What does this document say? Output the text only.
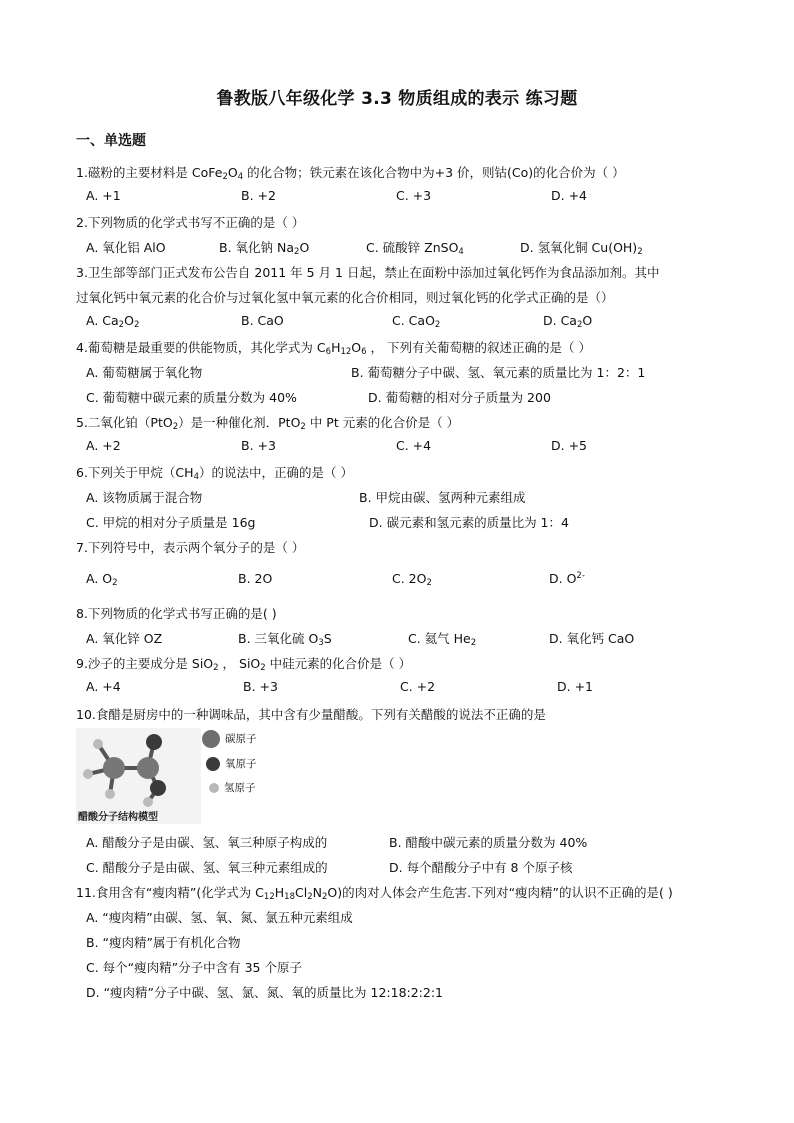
鲁教版八年级化学 3.3 物质组成的表示 练习题
一、单选题
1.磁粉的主要材料是 $CoFe_2O_4$ 的化合物；铁元素在该化合物中为+3 价，则钴(Co)的化合价为（ ）
A. +1	B. +2	C. +3	D. +4
2.下列物质的化学式书写不正确的是（ ）
A. 氧化铝 AlO	B. 氧化钠 $Na_2O$	C. 硫酸锌 ZnSO$_4$	D. 氢氧化铜 $Cu(OH)_2$
3.卫生部等部门正式发布公告自 2011 年 5 月 1 日起，禁止在面粉中添加过氧化钙作为食品添加剂。其中
过氧化钙中氧元素的化合价与过氧化氢中氧元素的化合价相同，则过氧化钙的化学式正确的是（）
A. $Ca_2O_2$	B. CaO	C. CaO$_2$	D. $Ca_2O$
4.葡萄糖是最重要的供能物质，其化学式为 $C_6H_{12}O_6$ ， 下列有关葡萄糖的叙述正确的是（ ）
A. 葡萄糖属于氧化物	B. 葡萄糖分子中碳、氢、氧元素的质量比为 1：2：1
C. 葡萄糖中碳元素的质量分数为 40%	D. 葡萄糖的相对分子质量为 200
5.二氧化铂（PtO$_2$）是一种催化剂．PtO$_2$ 中 Pt 元素的化合价是（ ）
A. +2	B. +3	C. +4	D. +5
6.下列关于甲烷$(CH_4)$的说法中，正确的是（ ）
A. 该物质属于混合物	B. 甲烷由碳、氢两种元素组成
C. 甲烷的相对分子质量是 16g	D. 碳元素和氢元素的质量比为 1：4
7.下列符号中，表示两个氧分子的是（ ）
A. $O_2$	B. 2O	C. $2O_2$	D. $O^{2-}$
8.下列物质的化学式书写正确的是( )
A. 氧化锌 OZ	B. 三氧化硫 $O_3S$	C. 氦气 $He_2$	D. 氧化钙 CaO
9.沙子的主要成分是 SiO$_2$ ， SiO$_2$ 中硅元素的化合价是（ ）
A. +4	B. +3	C. +2	D. +1
10.食醋是厨房中的一种调味品，其中含有少量醋酸。下列有关醋酸的说法不正确的是
醋酸分子结构模型
碳原子
氧原子
氢原子
A. 醋酸分子是由碳、氢、氧三种原子构成的	B. 醋酸中碳元素的质量分数为 40%
C. 醋酸分子是由碳、氢、氧三种元素组成的	D. 每个醋酸分子中有 8 个原子核
11.食用含有“瘦肉精”(化学式为 $C_{12}H_{18}Cl_2N_2O$)的肉对人体会产生危害.下列对“瘦肉精”的认识不正确的是( )
A. “瘦肉精”由碳、氢、氧、氮、氯五种元素组成
B. “瘦肉精”属于有机化合物
C. 每个“瘦肉精”分子中含有 35 个原子
D. “瘦肉精”分子中碳、氢、氯、氮、氧的质量比为 12:18:2:2:1
